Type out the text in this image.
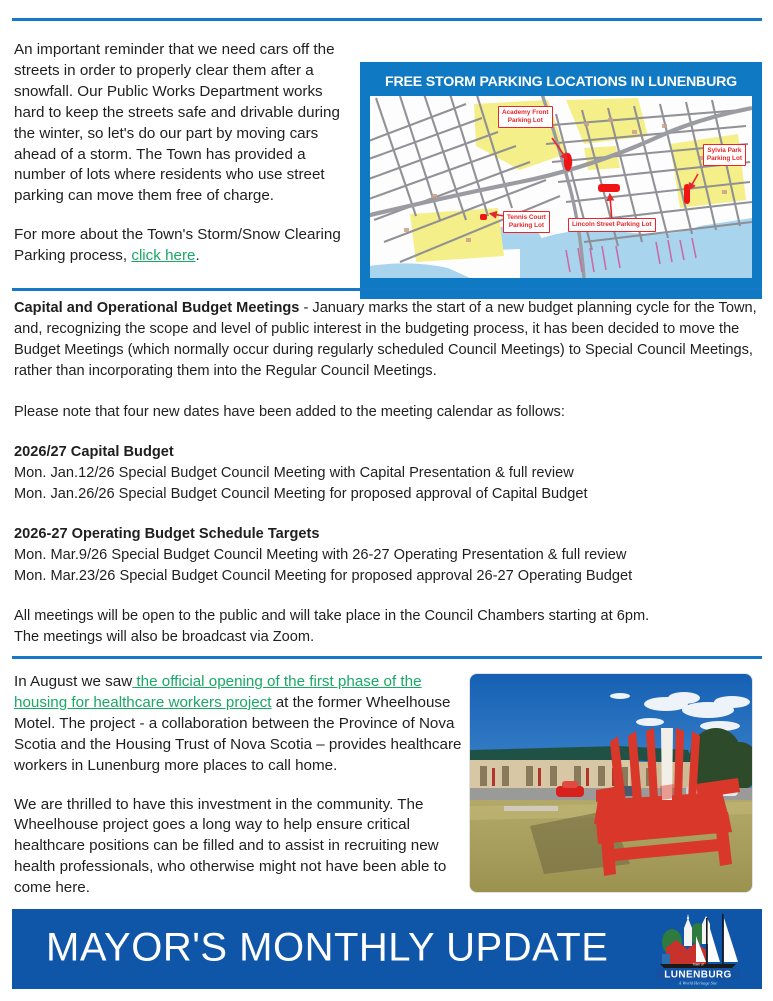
An important reminder that we need cars off the streets in order to properly clear them after a snowfall. Our Public Works Department works hard to keep the streets safe and drivable during the winter, so let's do our part by moving cars ahead of a storm. The Town has provided a number of lots where residents who use street parking can move them free of charge.

For more about the Town's Storm/Snow Clearing Parking process, click here.

FREE STORM PARKING LOCATIONS IN LUNENBURG
Academy Front
Parking Lot
Sylvia Park
Parking Lot
Tennis Court
Parking Lot	Lincoln Street Parking Lot

Capital and Operational Budget Meetings - January marks the start of a new budget planning cycle for the Town, and, recognizing the scope and level of public interest in the budgeting process, it has been decided to move the Budget Meetings (which normally occur during regularly scheduled Council Meetings) to Special Council Meetings, rather than incorporating them into the Regular Council Meetings.

Please note that four new dates have been added to the meeting calendar as follows:

2026/27 Capital Budget

Mon. Jan.12/26 Special Budget Council Meeting with Capital Presentation & full review

Mon. Jan.26/26 Special Budget Council Meeting for proposed approval of Capital Budget

2026-27 Operating Budget Schedule Targets

Mon. Mar.9/26 Special Budget Council Meeting with 26-27 Operating Presentation & full review

Mon. Mar.23/26 Special Budget Council Meeting for proposed approval 26-27 Operating Budget

All meetings will be open to the public and will take place in the Council Chambers starting at 6pm.

The meetings will also be broadcast via Zoom.

In August we saw the official opening of the first phase of the housing for healthcare workers project at the former Wheelhouse Motel. The project - a collaboration between the Province of Nova Scotia and the Housing Trust of Nova Scotia – provides healthcare workers in Lunenburg more places to call home.

We are thrilled to have this investment in the community. The Wheelhouse project goes a long way to help ensure critical healthcare positions can be filled and to assist in recruiting new health professionals, who otherwise might not have been able to come here.

MAYOR'S MONTHLY UPDATE
LUNENBURG
Town of
A World Heritage Site
